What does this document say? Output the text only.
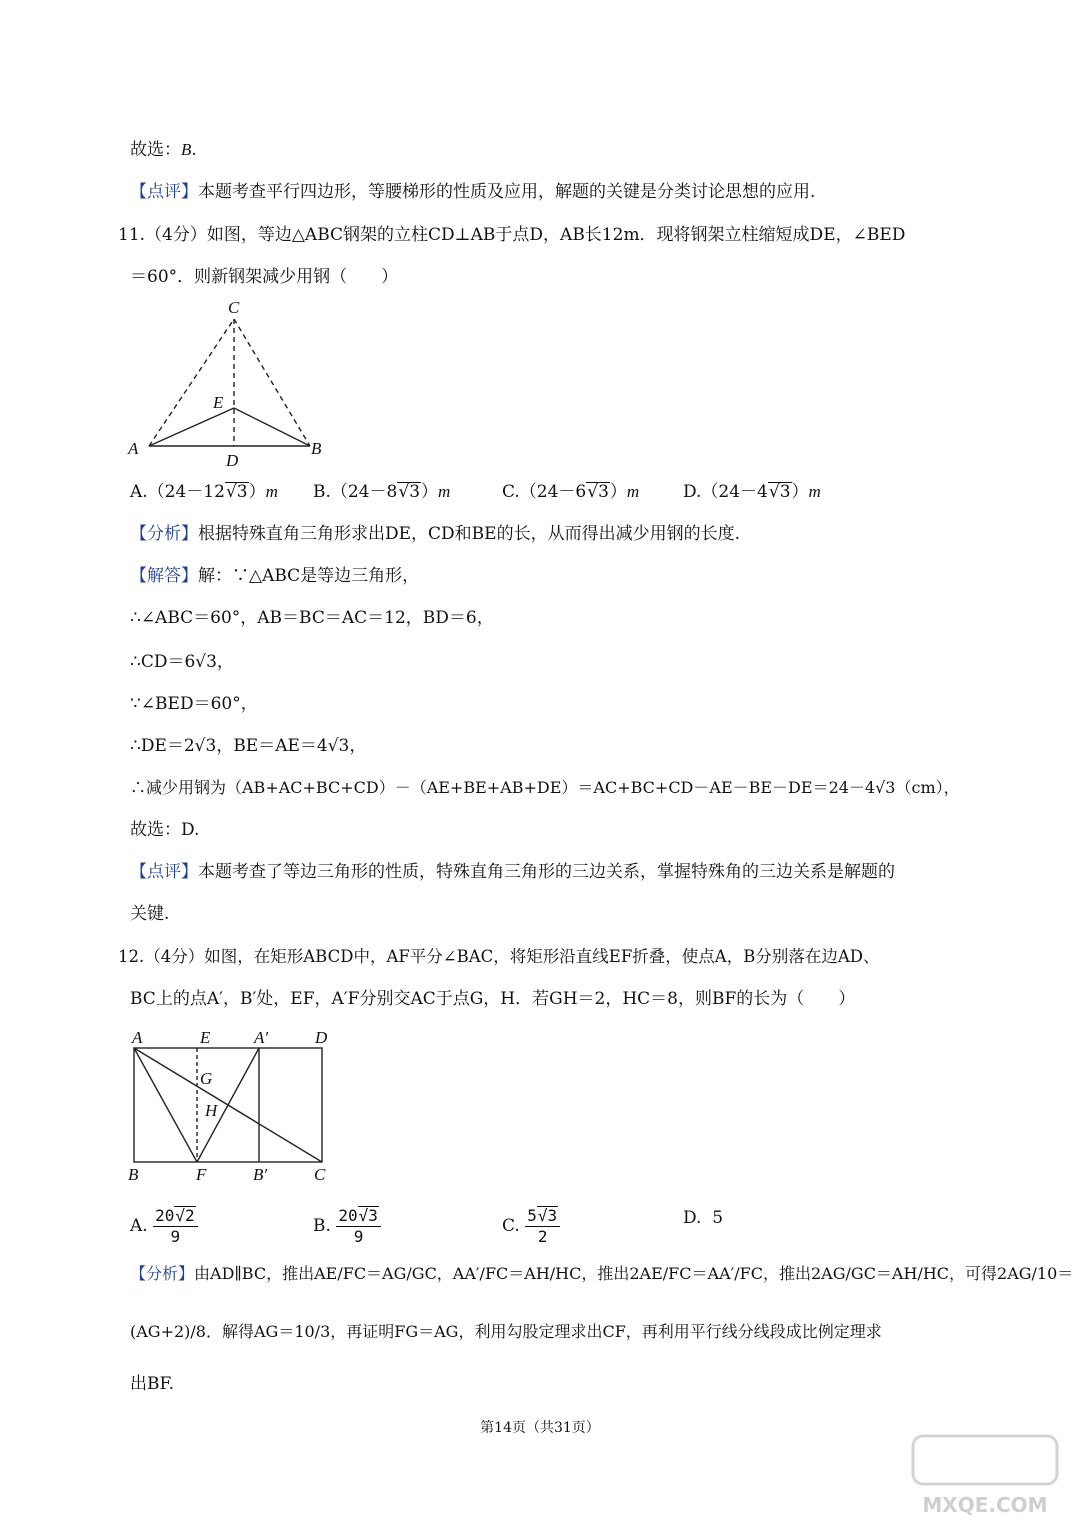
故选：B.
【点评】本题考查平行四边形，等腰梯形的性质及应用，解题的关键是分类讨论思想的应用.
11.（4分）如图，等边△ABC钢架的立柱CD⊥AB于点D，AB长12m．现将钢架立柱缩短成DE，∠BED
＝60°．则新钢架减少用钢（　　）
C
E
A	B
D
A.（24－12√3）m B.（24－8√3）m	C.（24－6√3）m	D.（24－4√3）m
【分析】根据特殊直角三角形求出DE，CD和BE的长，从而得出减少用钢的长度.
【解答】解：∵△ABC是等边三角形，
∴∠ABC＝60°，AB＝BC＝AC＝12，BD＝6，
∴CD＝6√3，
∵∠BED＝60°，
∴DE＝2√3，BE＝AE＝4√3，
∴减少用钢为（AB+AC+BC+CD）－（AE+BE+AB+DE）＝AC+BC+CD－AE－BE－DE＝24－4√3（cm），
故选：D.
【点评】本题考查了等边三角形的性质，特殊直角三角形的三边关系，掌握特殊角的三边关系是解题的
关键.
12.（4分）如图，在矩形ABCD中，AF平分∠BAC，将矩形沿直线EF折叠，使点A，B分别落在边AD、
BC上的点A′，B′处，EF，A′F分别交AC于点G，H．若GH＝2，HC＝8，则BF的长为（　　）
A	E	A′	D
G
H
B	F	B′	C
A. $\frac{20√2}{9}$	B. $\frac{20√3}{9}$	C. $\frac{5√3}{2}$	D.  5
【分析】由AD∥BC，推出AE/FC＝AG/GC，AA′/FC＝AH/HC，推出2AE/FC＝AA′/FC，推出2AG/GC＝AH/HC，可得2AG/10＝
(AG+2)/8．解得AG＝10/3，再证明FG＝AG，利用勾股定理求出CF，再利用平行线分线段成比例定理求
出BF.
第14页（共31页）
MXQE.COM
